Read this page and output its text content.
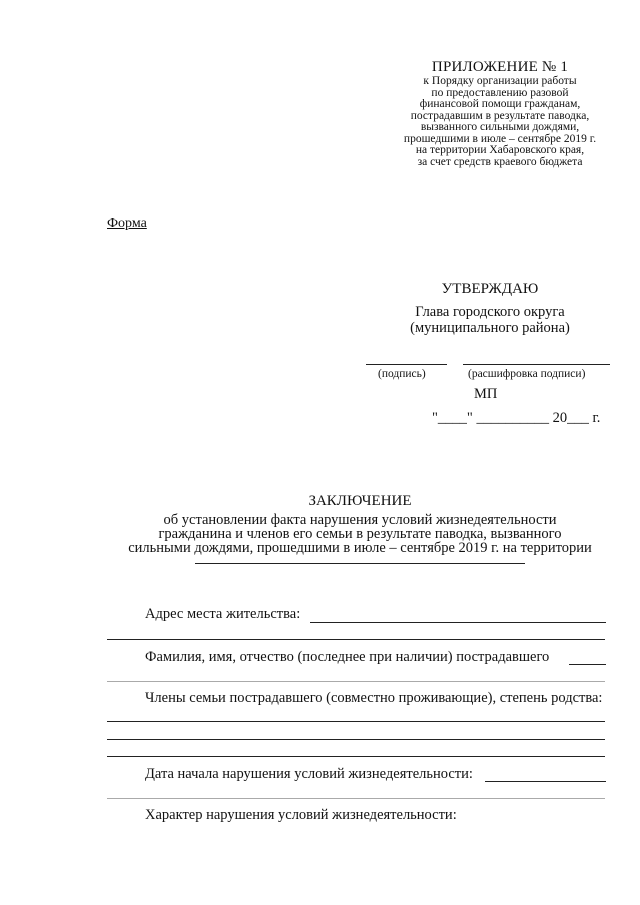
ПРИЛОЖЕНИЕ № 1
к Порядку организации работы
по предоставлению разовой
финансовой помощи гражданам,
пострадавшим в результате паводка,
вызванного сильными дождями,
прошедшими в июле – сентябре 2019 г.
на территории Хабаровского края,
за счет средств краевого бюджета
Форма
УТВЕРЖДАЮ
Глава городского округа
(муниципального района)
(подпись)	(расшифровка подписи)
МП
"____" __________ 20___ г.
ЗАКЛЮЧЕНИЕ
об установлении факта нарушения условий жизнедеятельности
гражданина и членов его семьи в результате паводка, вызванного
сильными дождями, прошедшими в июле – сентябре 2019 г. на территории
Адрес места жительства:
Фамилия, имя, отчество (последнее при наличии) пострадавшего
Члены семьи пострадавшего (совместно проживающие), степень родства:
Дата начала нарушения условий жизнедеятельности:
Характер нарушения условий жизнедеятельности:
